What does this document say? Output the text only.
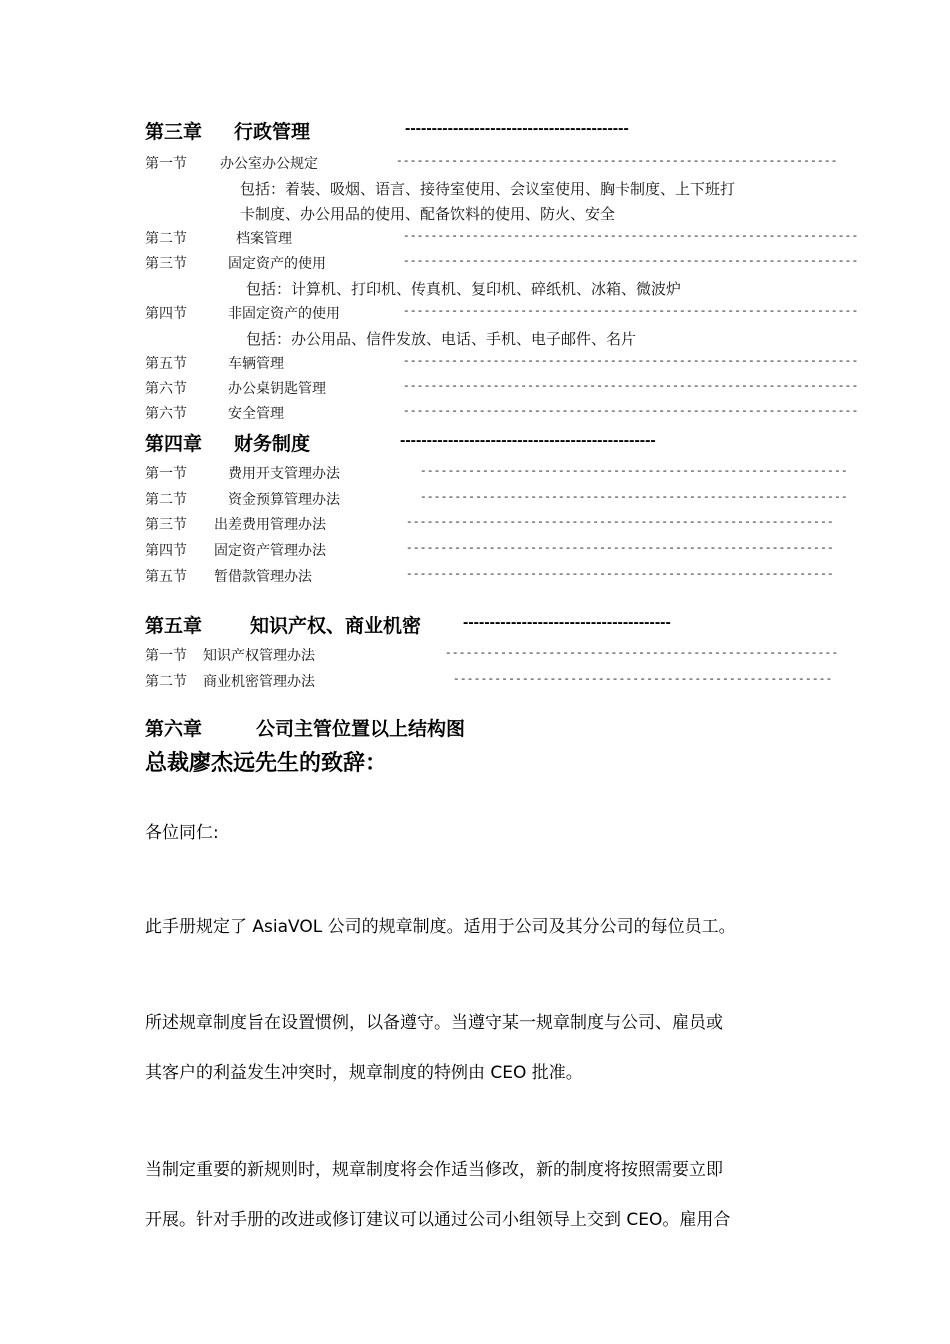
第三章 行政管理	------------------------------------------
第一节 办公室办公规定	----------------------------------------------------------------
包括：着装、吸烟、语言、接待室使用、会议室使用、胸卡制度、上下班打
卡制度、办公用品的使用、配备饮料的使用、防火、安全
第二节	档案管理	------------------------------------------------------------------
第三节	固定资产的使用	------------------------------------------------------------------
包括：计算机、打印机、传真机、复印机、碎纸机、冰箱、微波炉
第四节	非固定资产的使用	------------------------------------------------------------------
包括：办公用品、信件发放、电话、手机、电子邮件、名片
第五节	车辆管理	------------------------------------------------------------------
第六节	办公桌钥匙管理	------------------------------------------------------------------
第六节	安全管理	------------------------------------------------------------------
第四章 财务制度	------------------------------------------------
第一节	费用开支管理办法	--------------------------------------------------------------
第二节	资金预算管理办法	--------------------------------------------------------------
第三节 出差费用管理办法	--------------------------------------------------------------
第四节 固定资产管理办法	--------------------------------------------------------------
第五节 暂借款管理办法	--------------------------------------------------------------
第五章	知识产权、商业机密	---------------------------------------
第一节 知识产权管理办法	---------------------------------------------------------
第二节 商业机密管理办法	-------------------------------------------------------
第六章	公司主管位置以上结构图
总裁廖杰远先生的致辞：
各位同仁:
此手册规定了 AsiaVOL 公司的规章制度。适用于公司及其分公司的每位员工。
所述规章制度旨在设置惯例，以备遵守。当遵守某一规章制度与公司、雇员或
其客户的利益发生冲突时，规章制度的特例由 CEO 批准。
当制定重要的新规则时，规章制度将会作适当修改，新的制度将按照需要立即
开展。针对手册的改进或修订建议可以通过公司小组领导上交到 CEO。雇用合
